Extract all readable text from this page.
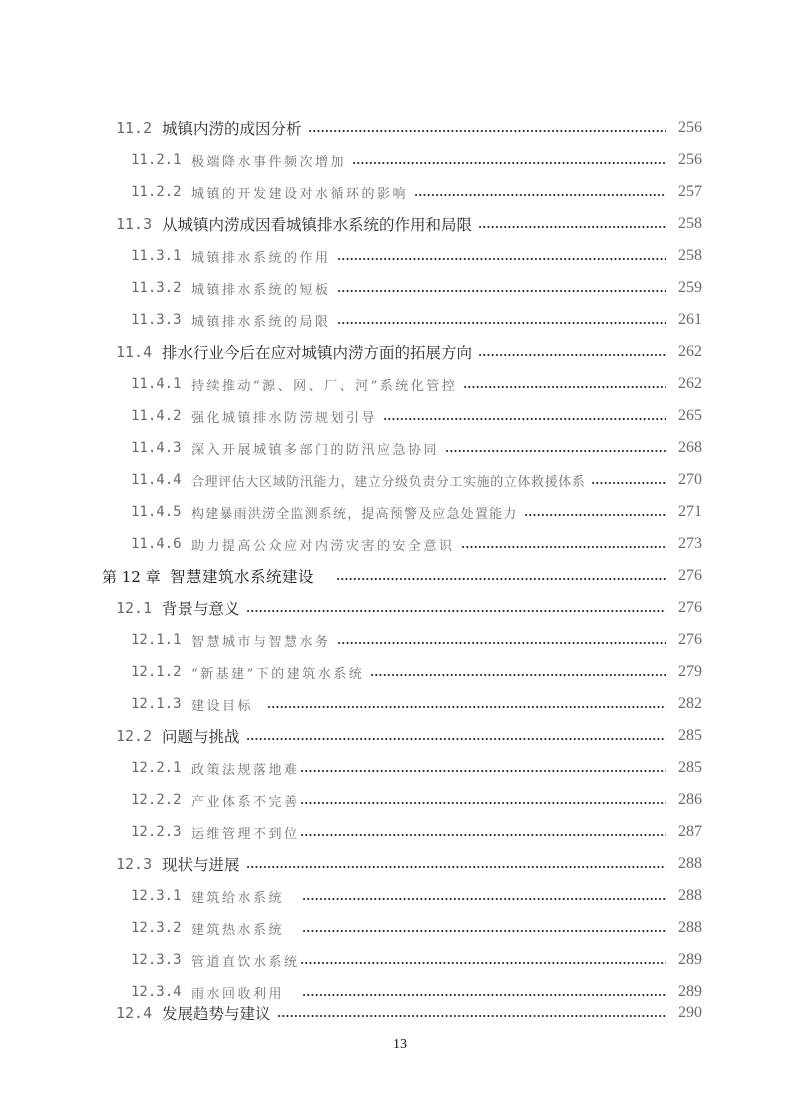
11.2 城镇内涝的成因分析	256
11.2.1 极端降水事件频次增加	256
11.2.2 城镇的开发建设对水循环的影响	257
11.3 从城镇内涝成因看城镇排水系统的作用和局限	258
11.3.1 城镇排水系统的作用	258
11.3.2 城镇排水系统的短板	259
11.3.3 城镇排水系统的局限	261
11.4 排水行业今后在应对城镇内涝方面的拓展方向	262
11.4.1 持续推动“源、网、厂、河”系统化管控	262
11.4.2 强化城镇排水防涝规划引导	265
11.4.3 深入开展城镇多部门的防汛应急协同	268
11.4.4 合理评估大区域防汛能力，建立分级负责分工实施的立体救援体系	270
11.4.5 构建暴雨洪涝全监测系统，提高预警及应急处置能力	271
11.4.6 助力提高公众应对内涝灾害的安全意识	273
第 12 章 智慧建筑水系统建设	276
12.1 背景与意义	276
12.1.1 智慧城市与智慧水务	276
12.1.2 “新基建”下的建筑水系统	279
12.1.3 建设目标	282
12.2 问题与挑战	285
12.2.1 政策法规落地难	285
12.2.2 产业体系不完善	286
12.2.3 运维管理不到位	287
12.3 现状与进展	288
12.3.1 建筑给水系统	288
12.3.2 建筑热水系统	288
12.3.3 管道直饮水系统	289
12.3.4 雨水回收利用	289
12.4 发展趋势与建议	290
13
